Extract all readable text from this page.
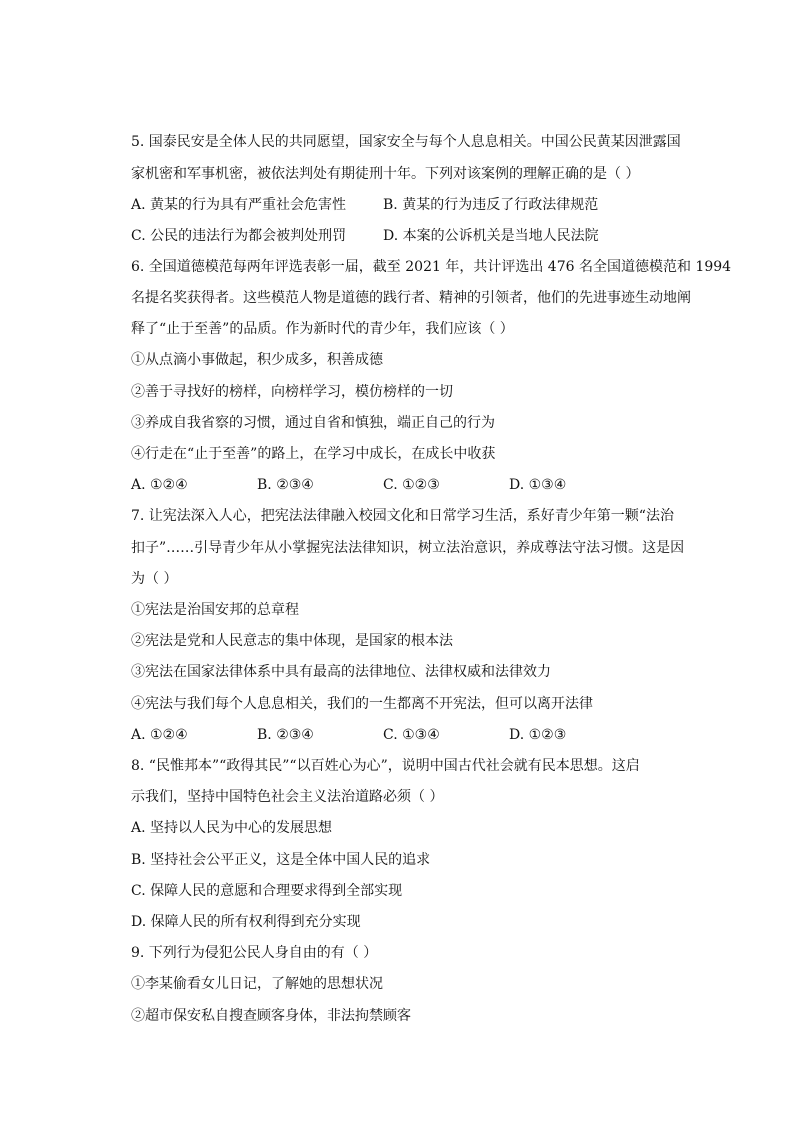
5. 国泰民安是全体人民的共同愿望，国家安全与每个人息息相关。中国公民黄某因泄露国
家机密和军事机密，被依法判处有期徒刑十年。下列对该案例的理解正确的是（ ）
A. 黄某的行为具有严重社会危害性	B. 黄某的行为违反了行政法律规范
C. 公民的违法行为都会被判处刑罚	D. 本案的公诉机关是当地人民法院
6. 全国道德模范每两年评选表彰一届，截至 2021 年，共计评选出 476 名全国道德模范和 1994
名提名奖获得者。这些模范人物是道德的践行者、精神的引领者，他们的先进事迹生动地阐
释了“止于至善”的品质。作为新时代的青少年，我们应该（ ）
①从点滴小事做起，积少成多，积善成德
②善于寻找好的榜样，向榜样学习，模仿榜样的一切
③养成自我省察的习惯，通过自省和慎独，端正自己的行为
④行走在“止于至善”的路上，在学习中成长，在成长中收获
A. ①②④	B. ②③④	C. ①②③	D. ①③④
7. 让宪法深入人心，把宪法法律融入校园文化和日常学习生活，系好青少年第一颗“法治
扣子”……引导青少年从小掌握宪法法律知识，树立法治意识，养成尊法守法习惯。这是因
为（ ）
①宪法是治国安邦的总章程
②宪法是党和人民意志的集中体现，是国家的根本法
③宪法在国家法律体系中具有最高的法律地位、法律权威和法律效力
④宪法与我们每个人息息相关，我们的一生都离不开宪法，但可以离开法律
A. ①②④	B. ②③④	C. ①③④	D. ①②③
8. “民惟邦本”“政得其民”“以百姓心为心”，说明中国古代社会就有民本思想。这启
示我们，坚持中国特色社会主义法治道路必须（ ）
A. 坚持以人民为中心的发展思想
B. 坚持社会公平正义，这是全体中国人民的追求
C. 保障人民的意愿和合理要求得到全部实现
D. 保障人民的所有权利得到充分实现
9. 下列行为侵犯公民人身自由的有（ ）
①李某偷看女儿日记，了解她的思想状况
②超市保安私自搜查顾客身体，非法拘禁顾客
